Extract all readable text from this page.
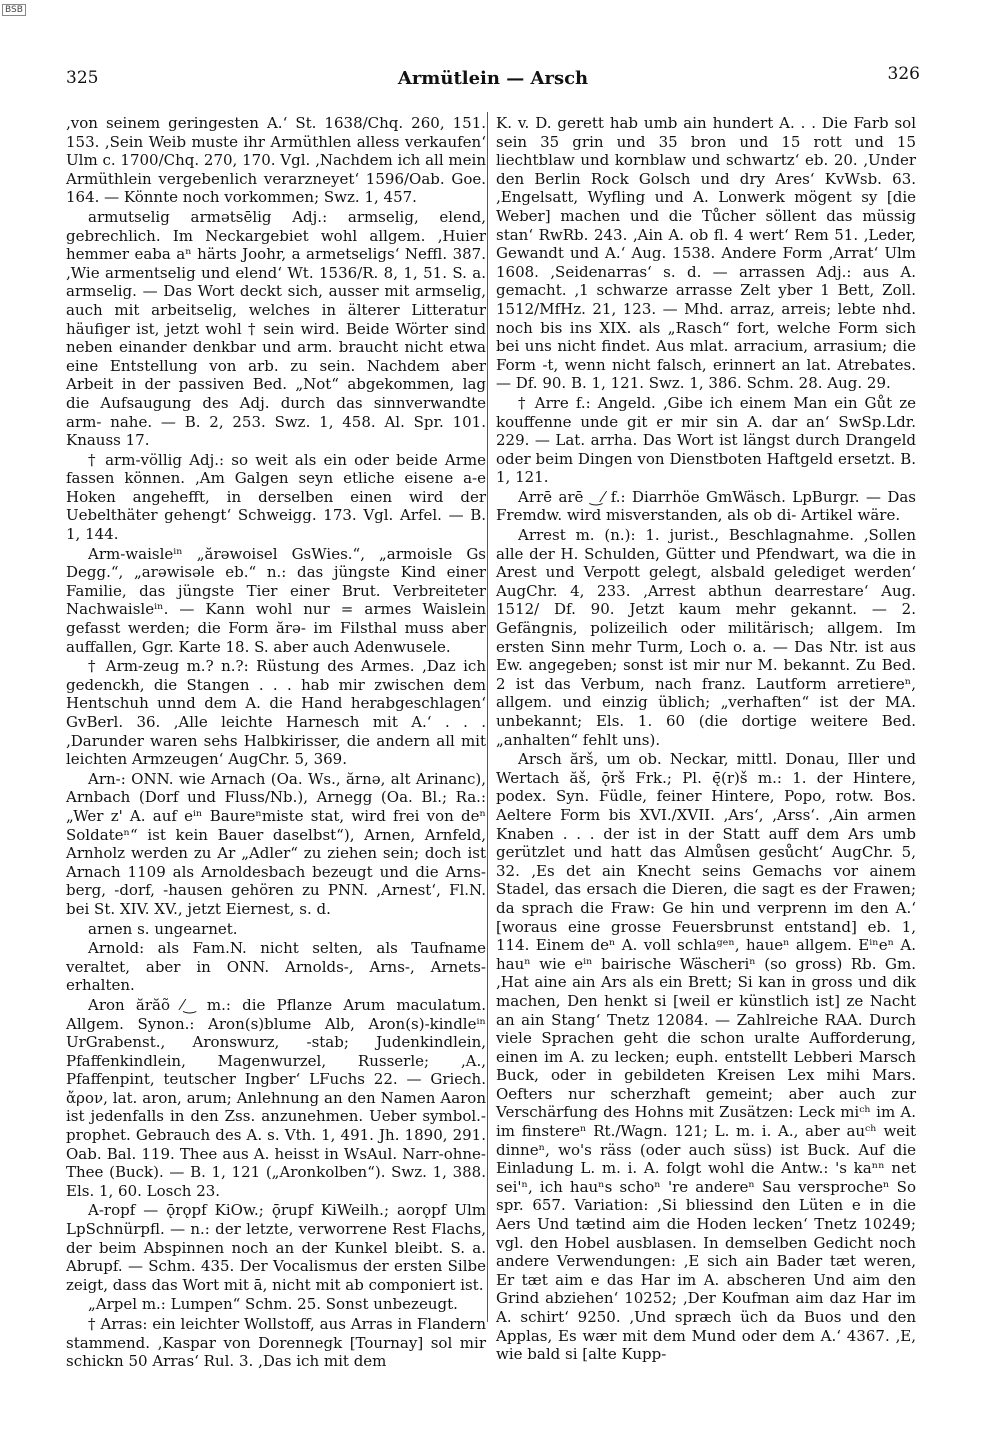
BSB
325	Armütlein — Arsch	326

‚von seinem geringesten A.‘ St. 1638/Chq. 260, 151. 153. ‚Sein Weib muste ihr Armüthlen alless verkaufen‘ Ulm c. 1700/Chq. 270, 170. Vgl. ‚Nachdem ich all mein Armüthlein vergebenlich verarzneyet‘ 1596/Oab. Goe. 164. — Könnte noch vorkommen; Swz. 1, 457.

armutselig armǝtsēlig Adj.: armselig, elend, gebrechlich. Im Neckargebiet wohl allgem. ‚Huier hemmer eaba aⁿ härts Joohr, a armetseligs‘ Neffl. 387. ‚Wie armentselig und elend‘ Wt. 1536/R. 8, 1, 51. S. a. armselig. — Das Wort deckt sich, ausser mit armselig, auch mit arbeitselig, welches in älterer Litteratur häufiger ist, jetzt wohl † sein wird. Beide Wörter sind neben einander denkbar und arm. braucht nicht etwa eine Entstellung von arb. zu sein. Nachdem aber Arbeit in der passiven Bed. „Not“ abgekommen, lag die Aufsaugung des Adj. durch das sinnverwandte arm- nahe. — B. 2, 253. Swz. 1, 458. Al. Spr. 101. Knauss 17.

† arm-völlig Adj.: so weit als ein oder beide Arme fassen können. ‚Am Galgen seyn etliche eisene a-e Hoken angehefft, in derselben einen wird der Uebelthäter gehengt‘ Schweigg. 173. Vgl. Arfel. — B. 1, 144.

Arm-waisleⁱⁿ „ărǝwoisel GsWies.“, „armoisle Gs Degg.“, „arǝwisǝle eb.“ n.: das jüngste Kind einer Familie, das jüngste Tier einer Brut. Verbreiteter Nachwaisleⁱⁿ. — Kann wohl nur = armes Waislein gefasst werden; die Form ărǝ- im Filsthal muss aber auffallen, Ggr. Karte 18. S. aber auch Adenwusele.

† Arm-zeug m.? n.?: Rüstung des Armes. ‚Daz ich gedenckh, die Stangen . . . hab mir zwischen dem Hentschuh unnd dem A. die Hand herabgeschlagen‘ GvBerl. 36. ‚Alle leichte Harnesch mit A.‘ . . . ‚Darunder waren sehs Halbkirisser, die andern all mit leichten Armzeugen‘ AugChr. 5, 369.

Arn-: ONN. wie Arnach (Oa. Ws., ărnǝ, alt Arinanc), Arnbach (Dorf und Fluss/Nb.), Arnegg (Oa. Bl.; Ra.: „Wer z' A. auf eⁱⁿ Baureⁿmiste stat, wird frei von deⁿ Soldateⁿ“ ist kein Bauer daselbst“), Arnen, Arnfeld, Arnholz werden zu Ar „Adler“ zu ziehen sein; doch ist Arnach 1109 als Arnoldesbach bezeugt und die Arns-berg, -dorf, -hausen gehören zu PNN. ‚Arnest‘, Fl.N. bei St. XIV. XV., jetzt Eiernest, s. d.

arnen s. ungearnet.

Arnold: als Fam.N. nicht selten, als Taufname veraltet, aber in ONN. Arnolds-, Arns-, Arnets- erhalten.

Aron ărăõ ⁄‿ m.: die Pflanze Arum maculatum. Allgem. Synon.: Aron(s)blume Alb, Aron(s)-kindleⁱⁿ UrGrabenst., Aronswurz, -stab; Judenkindlein, Pfaffenkindlein, Magenwurzel, Russerle; ‚A., Pfaffenpint, teutscher Ingber‘ LFuchs 22. — Griech. ἄρον, lat. aron, arum; Anlehnung an den Namen Aaron ist jedenfalls in den Zss. anzunehmen. Ueber symbol.-prophet. Gebrauch des A. s. Vth. 1, 491. Jh. 1890, 291. Oab. Bal. 119. Thee aus A. heisst in WsAul. Narr-ohne-Thee (Buck). — B. 1, 121 („Aronkolben“). Swz. 1, 388. Els. 1, 60. Losch 23.

A-ropf — ǭrǫpf KiOw.; ǭrupf KiWeilh.; aorǫpf Ulm LpSchnürpfl. — n.: der letzte, verworrene Rest Flachs, der beim Abspinnen noch an der Kunkel bleibt. S. a. Abrupf. — Schm. 435. Der Vocalismus der ersten Silbe zeigt, dass das Wort mit ā, nicht mit ab componiert ist.

„Arpel m.: Lumpen“ Schm. 25. Sonst unbezeugt.

† Arras: ein leichter Wollstoff, aus Arras in Flandern stammend. ‚Kaspar von Dorennegk [Tournay] sol mir schickn 50 Arras‘ Rul. 3. ‚Das ich mit dem

K. v. D. gerett hab umb ain hundert A. . . Die Farb sol sein 35 grin und 35 bron und 15 rott und 15 liechtblaw und kornblaw und schwartz‘ eb. 20. ‚Under den Berlin Rock Golsch und dry Ares‘ KvWsb. 63. ‚Engelsatt, Wyfling und A. Lonwerk mögent sy [die Weber] machen und die Tůcher söllent das müssig stan‘ RwRb. 243. ‚Ain A. ob fl. 4 wert‘ Rem 51. ‚Leder, Gewandt und A.‘ Aug. 1538. Andere Form ‚Arrat‘ Ulm 1608. ‚Seidenarras‘ s. d. — arrassen Adj.: aus A. gemacht. ‚1 schwarze arrasse Zelt yber 1 Bett, Zoll. 1512/MfHz. 21, 123. — Mhd. arraz, arreis; lebte nhd. noch bis ins XIX. als „Rasch“ fort, welche Form sich bei uns nicht findet. Aus mlat. arracium, arrasium; die Form -t, wenn nicht falsch, erinnert an lat. Atrebates. — Df. 90. B. 1, 121. Swz. 1, 386. Schm. 28. Aug. 29.

† Arre f.: Angeld. ‚Gibe ich einem Man ein Gůt ze kouffenne unde git er mir sin A. dar an‘ SwSp.Ldr. 229. — Lat. arrha. Das Wort ist längst durch Drangeld oder beim Dingen von Dienstboten Haftgeld ersetzt. B. 1, 121.

Arrē arē ‿⁄ f.: Diarrhöe GmWäsch. LpBurgr. — Das Fremdw. wird misverstanden, als ob di- Artikel wäre.

Arrest m. (n.): 1. jurist., Beschlagnahme. ‚Sollen alle der H. Schulden, Gütter und Pfendwart, wa die in Arest und Verpott gelegt, alsbald gelediget werden‘ AugChr. 4, 233. ‚Arrest abthun dearrestare‘ Aug. 1512/ Df. 90. Jetzt kaum mehr gekannt. — 2. Gefängnis, polizeilich oder militärisch; allgem. Im ersten Sinn mehr Turm, Loch o. a. — Das Ntr. ist aus Ew. angegeben; sonst ist mir nur M. bekannt. Zu Bed. 2 ist das Verbum, nach franz. Lautform arretiereⁿ, allgem. und einzig üblich; „verhaften“ ist der MA. unbekannt; Els. 1. 60 (die dortige weitere Bed. „anhalten“ fehlt uns).

Arsch ărš, um ob. Neckar, mittl. Donau, Iller und Wertach ăš, ǭrš Frk.; Pl. ę̄(r)š m.: 1. der Hintere, podex. Syn. Füdle, feiner Hintere, Popo, rotw. Bos. Aeltere Form bis XVI./XVII. ‚Ars‘, ‚Arss‘. ‚Ain armen Knaben . . . der ist in der Statt auff dem Ars umb gerützlet und hatt das Almůsen gesůcht‘ AugChr. 5, 32. ‚Es det ain Knecht seins Gemachs vor ainem Stadel, das ersach die Dieren, die sagt es der Frawen; da sprach die Fraw: Ge hin und verprenn im den A.‘ [woraus eine grosse Feuersbrunst entstand] eb. 1, 114. Einem deⁿ A. voll schlaᵍᵉⁿ, haueⁿ allgem. Eⁱⁿeⁿ A. hauⁿ wie eⁱⁿ bairische Wäscheriⁿ (so gross) Rb. Gm. ‚Hat aine ain Ars als ein Brett; Si kan in gross und dik machen, Den henkt si [weil er künstlich ist] ze Nacht an ain Stang‘ Tnetz 12084. — Zahlreiche RAA. Durch viele Sprachen geht die schon uralte Aufforderung, einen im A. zu lecken; euph. entstellt Lebberi Marsch Buck, oder in gebildeten Kreisen Lex mihi Mars. Oefters nur scherzhaft gemeint; aber auch zur Verschärfung des Hohns mit Zusätzen: Leck miᶜʰ im A. im finstereⁿ Rt./Wagn. 121; L. m. i. A., aber auᶜʰ weit dinneⁿ, wo's räss (oder auch süss) ist Buck. Auf die Einladung L. m. i. A. folgt wohl die Antw.: 's kaⁿⁿ net sei'ⁿ, ich hauⁿs schoⁿ 're andereⁿ Sau versprocheⁿ So spr. 657. Variation: ‚Si bliessind den Lüten e in die Aers Und tætind aim die Hoden lecken‘ Tnetz 10249; vgl. den Hobel ausblasen. In demselben Gedicht noch andere Verwendungen: ‚E sich ain Bader tæt weren, Er tæt aim e das Har im A. abscheren Und aim den Grind abziehen‘ 10252; ‚Der Koufman aim daz Har im A. schirt‘ 9250. ‚Und spræch üch da Buos und den Applas, Es wær mit dem Mund oder dem A.‘ 4367. ‚E, wie bald si [alte Kupp-
